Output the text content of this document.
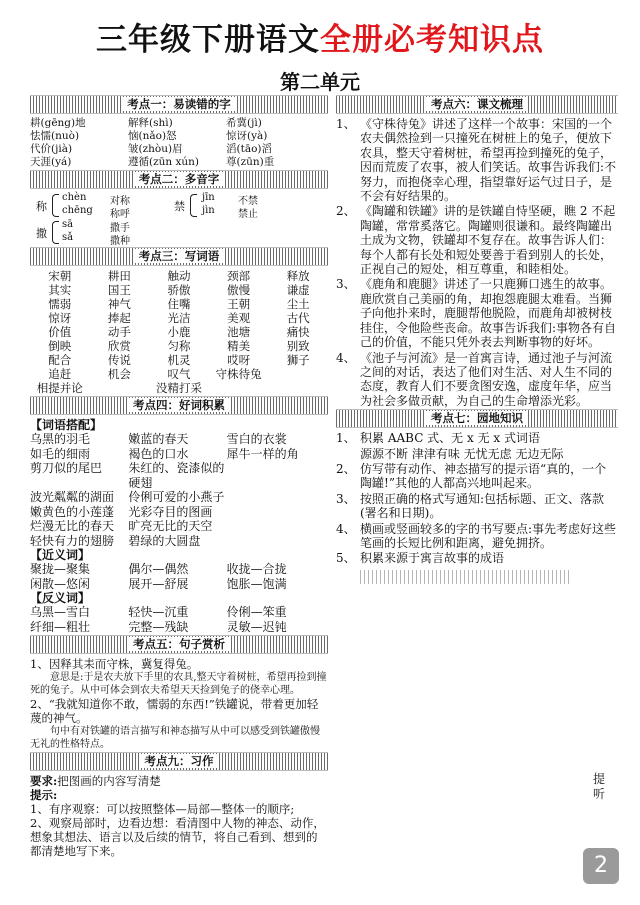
三年级下册语文全册必考知识点
第二单元
考点一：易读错的字
耕(gēng)地	解释(shì)	希冀(jì)
怯懦(nuò)	恼(nǎo)怒	惊讶(yà)
代价(jià)	皱(zhòu)眉	滔(tāo)滔
天涯(yá)	遵循(zūn xún)	尊(zūn)重
考点二：多音字
称
chèn 对称
chēng 称呼
禁
jīn 不禁
jìn 禁止
撒
sā	撒手
sǎ	撒种
考点三：写词语
宋朝	耕田	触动	颈部	释放
其实	国王	骄傲	傲慢	谦虚
懦弱	神气	住嘴	王朝	尘土
惊讶	捧起	光洁	美观	古代
价值	动手	小鹿	池塘	痛快
倒映	欣赏	匀称	精美	别致
配合	传说	机灵	哎呀	狮子
追赶	机会	叹气	守株待兔
相提并论	没精打采
考点四：好词积累
【词语搭配】
乌黑的羽毛	嫩蓝的春天	雪白的衣裳
如毛的细雨	褐色的口水	犀牛一样的角
剪刀似的尾巴	朱红的、瓷漆似的硬翅
波光粼粼的湖面	伶俐可爱的小燕子
嫩黄色的小莲蓬	光彩夺目的图画
烂漫无比的春天	旷亮无比的天空
轻快有力的翅膀	碧绿的大圆盘
【近义词】
聚拢—聚集	偶尔—偶然	收拢—合拢
闲散—悠闲	展开—舒展	饱胀—饱满
【反义词】
乌黑—雪白	轻快—沉重	伶俐—笨重
纤细—粗壮	完整—残缺	灵敏—迟钝
考点五：句子赏析
1、因释其耒而守株，冀复得兔。
意思是:于是农夫放下手里的农具,整天守着树桩，希望再捡到撞死的兔子。从中可体会到农夫希望天天捡到兔子的侥幸心理。
2、“我就知道你不敢，懦弱的东西!”铁罐说，带着更加轻蔑的神气。
句中有对铁罐的语言描写和神态描写从中可以感受到铁罐傲慢无礼的性格特点。
考点九：习作
要求:把图画的内容写清楚
提示:
1、有序观察：可以按照整体—局部—整体一的顺序;
2、观察局部时，边看边想：看清图中人物的神态、动作，想象其想法、语言以及后续的情节，将自己看到、想到的都清楚地写下来。
考点六：课文梳理
1、 《守株待兔》讲述了这样一个故事：宋国的一个农夫偶然捡到一只撞死在树桩上的兔子，便放下农具，整天守着树桩，希望再捡到撞死的兔子，因而荒废了农事，被人们笑话。故事告诉我们:不努力，而抱侥幸心理，指望靠好运气过日子，是不会有好结果的。
2、 《陶罐和铁罐》讲的是铁罐自恃坚硬，瞧 2 不起陶罐，常常奚落它。陶罐则很谦和。最终陶罐出土成为文物，铁罐却不复存在。故事告诉人们：每个人都有长处和短处要善于看到别人的长处，正视自己的短处，相互尊重，和睦相处。
3、 《鹿角和鹿腿》讲述了一只鹿狮口逃生的故事。鹿欣赏自己美丽的角，却抱怨鹿腿太难看。当狮子向他扑来时，鹿腿帮他脱险，而鹿角却被树枝挂住，令他险些丧命。故事告诉我们:事物各有自己的价值，不能只凭外表去判断事物的好坏。
4、 《池子与河流》是一首寓言诗，通过池子与河流之间的对话，表达了他们对生活、对人生不同的态度，教育人们不要贪图安逸，虚度年华，应当为社会多做贡献，为自己的生命增添光彩。
考点七：园地知识
1、 积累 AABC 式、无 x 无 x 式词语
源源不断 津津有味 无忧无虑 无边无际
2、 仿写带有动作、神态描写的提示语“真的，一个陶罐!”其他的人都高兴地叫起来。
3、 按照正确的格式写通知:包括标题、正文、落款(署名和日期)。
4、 横画或竖画较多的字的书写要点:事先考虑好这些笔画的长短比例和距离，避免拥挤。
5、 积累来源于寓言故事的成语
提 听
2
